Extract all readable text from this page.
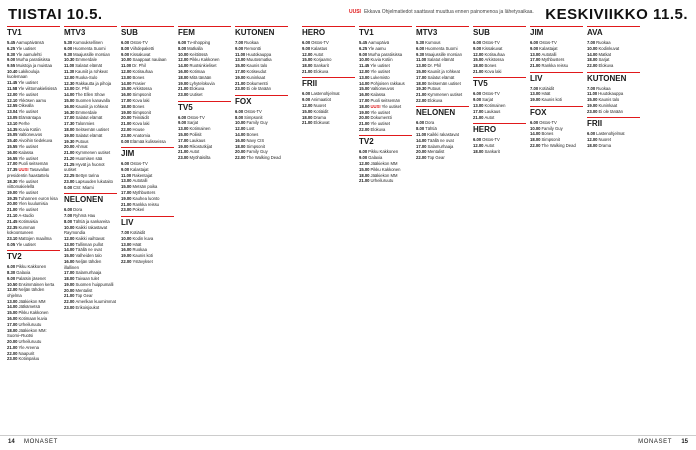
TIISTAI 10.5.	UUSI Ekkava Ohjelmatiedot saattavat muuttua ennen painomenoa ja lähetysaikaa. KESKIVIIKKO 11.5.
TV1
5.45Aamupäivänsä
6.25Yle uutiset
8.30Yle aamulehti
9.00Murha paratiisissa
9.55Muistoja ja muistaa
10.40Lakikouluja kuolemaan
11.45Yle uutiset
11.58Yle viittomakielisissä
12.00Yle uutiset
12.10Ykkösen aamu
12.55Oikealla
13.04Yle uutiset
13.05Elämäntapa
13.10Perhe
14.35Kuvia Kotiin
15.05Valtioneuvos
15.40Aivoihin tiedekuva
15.55Yle uutiset
16.00Kalassa
16.55Yle uutiset
17.00Puoli seitsemän
17.35UUSI Tasavallan presidentin haastattelu
18.30Yle uutiset viittomakielellä
19.00Yle uutiset
19.35Tuhannen euron kisa
20.00Ylen kuulumisia
21.00Yle uutiset
21.10A-studio
21.45Kotimaisia
22.35Kumman kokoontuneen
23.10Mattojen maailma
0.05Yle uutiset
TV2
6.00Pikku Kakkonen
8.30Galaxia
9.00Palatsin jäsenet
10.50Ensimmäinen kerta
12.00Neljän tähden ohjelma
13.00Jääkiekon MM
14.00Jätkämetsä
15.00Pikku Kakkonen
16.00Kotimaan kuvia
17.00Urheiluruutu
18.00Jääkiekon MM: Suomi–Ruotsi
20.00Urheiluruutu
21.00Yle Areena
22.00Naapurit
23.00Kotiinpaluu
MTV3
5.30Kumouksellinen
6.00Huomenta Suomi
9.30Maajussille morsian
10.30Emmerdale
11.00Salatut elämät
11.30Kauniit ja rohkeat
12.00Ruoka-Sulo
12.30Rakkautta ja pihoja
13.00Dr. Phil
14.00The Ellen Show
15.00Suomen kanavalla
16.00Kauniit ja rohkeat
16.30Emmerdale
17.00Salatut elämät
17.30Talonmies
18.00Seitsemän uutiset
19.00Salatut elämät
19.30Putous
20.00Ahmat
21.00Kymmenen uutiset
21.20Huomisen sää
21.25Hyvät ja huonot uutiset
22.25Bettyn tarina
23.00Lapsuuden lukutaito
0.00CSI: Miami
NELONEN
6.00Dora
7.00Ryhmä Hau
8.00Tähtiä ja sankareita
10.00Kaikki rakastavat Raymondia
12.00Kaikki vaihtavat
13.00Tallinnan pullot
14.00Täällä ne ovat
15.00Valheiden talo
16.00Neljän tähden illallinen
17.00Salamurhaaja
18.00Taivaan tulet
19.00Suomen huippumalli
20.00Mentalist
21.00Top Gear
22.00Amerikan kuumimmat
23.00Erikoisjoukot
SUB
6.00Ostos-TV
8.00Viihdepaketti
9.00Kissakuvat
10.00Saappaat naulaan
11.00Dr. Phil
12.00Kotirauhaa
13.00Bones
14.00Frasier
15.00Arkistossa
16.00Simpsonit
17.00Kova laki
18.00Bones
19.00Simpsonit
20.00Teiniäidit
21.00Kova laki
22.00House
23.00Anatomia
0.00Elämää kulisseissa
JIM
6.00Ostos-TV
9.00Kalastajat
11.00Rakentajat
13.00Autotalli
15.00Metsän poika
17.00Mythbusters
19.00Kauhea luonto
21.00Rankka reissu
23.00Pokeri
LIV
7.00Kotiäidit
10.00Kodin kuva
13.00Häät
16.00Ruokaa
19.00Kaunis koti
22.00Ystävykset
FEM
6.00Tv-shopping
8.00Matkalla
10.00Keittiössä
12.00Pikku Kakkonen
14.00Ruotsinkieliset
16.00Kotimaa
18.00Mitä tänään
19.00Lyhytelokuvia
21.00Elokuva
23.00Uutiset
TV5
6.00Ostos-TV
9.00Sarjat
13.00Kotimainen
15.00Poliisit
17.00Laukaus
19.00Rikostutkijat
21.00Autot
23.00Myöhäisilta
KUTONEN
7.00Ruokaa
9.00Remontti
11.00Huutokauppa
13.00Muutosmatka
15.00Kaunis talo
17.00Kotiseudut
19.00Kuninkaat
21.00Dokumentti
23.00Ei ole tänään
FOX
6.00Ostos-TV
8.00Simpsonit
10.00Family Guy
12.00Lost
14.00Bones
16.00Navy CIS
18.00Simpsonit
20.00Family Guy
22.00The Walking Dead
HERO
6.00Ostos-TV
9.00Kalastus
12.00Autot
15.00Korjaamo
18.00Sankarit
21.00Elokuva
FRII
6.00Lastenohjelmat
9.00Animaatiot
12.00Nuoret
15.00Kotiäidit
18.00Drama
21.00Elokuvat
TV1
5.45Aamupäivä
6.25Yle aamu
9.00Murha paratiisissa
10.00Kuvia Kotiin
11.45Yle uutiset
12.00Yle uutiset
13.00Lukemisto
14.00Pohjoisen rakkaus
15.00Valtioneuvos
16.00Kalassa
17.00Puoli seitsemän
18.00UUSI Yle uutiset
19.00Yle uutiset
20.00Dokumentti
21.00Yle uutiset
22.00Elokuva
TV2
6.00Pikku Kakkonen
9.00Galaxia
12.00Jääkiekon MM
15.00Pikku Kakkonen
18.00Jääkiekon MM
21.00Urheiluruutu
MTV3
5.30Kumous
6.00Huomenta Suomi
9.30Maajussille morsian
11.00Salatut elämät
13.00Dr. Phil
15.00Kauniit ja rohkeat
17.00Salatut elämät
18.00Seitsemän uutiset
19.30Putous
21.00Kymmenen uutiset
22.00Elokuva
NELONEN
6.00Dora
8.00Tähtiä
11.00Kaikki rakastavat
14.00Täällä ne ovat
17.00Salamurhaaja
20.00Mentalist
22.00Top Gear
SUB
6.00Ostos-TV
9.00Kissakuvat
12.00Kotirauhaa
15.00Arkistossa
18.00Bones
21.00Kova laki
TV5
6.00Ostos-TV
9.00Sarjat
13.00Kotimainen
17.00Laukaus
21.00Autot
HERO
6.00Ostos-TV
12.00Autot
18.00Sankarit
JIM
6.00Ostos-TV
9.00Kalastajat
13.00Autotalli
17.00Mythbusters
21.00Rankka reissu
LIV
7.00Kotiäidit
13.00Häät
19.00Kaunis koti
FOX
6.00Ostos-TV
10.00Family Guy
14.00Bones
18.00Simpsonit
22.00The Walking Dead
AVA
7.00Ruokaa
10.00Kodinkuvat
14.00Matkat
18.00Sarjat
22.00Elokuva
KUTONEN
7.00Ruokaa
11.00Huutokauppa
15.00Kaunis talo
19.00Kuninkaat
23.00Ei ole tänään
FRII
6.00Lastenohjelmat
12.00Nuoret
18.00Drama
14 MONASET	MONASET 15
